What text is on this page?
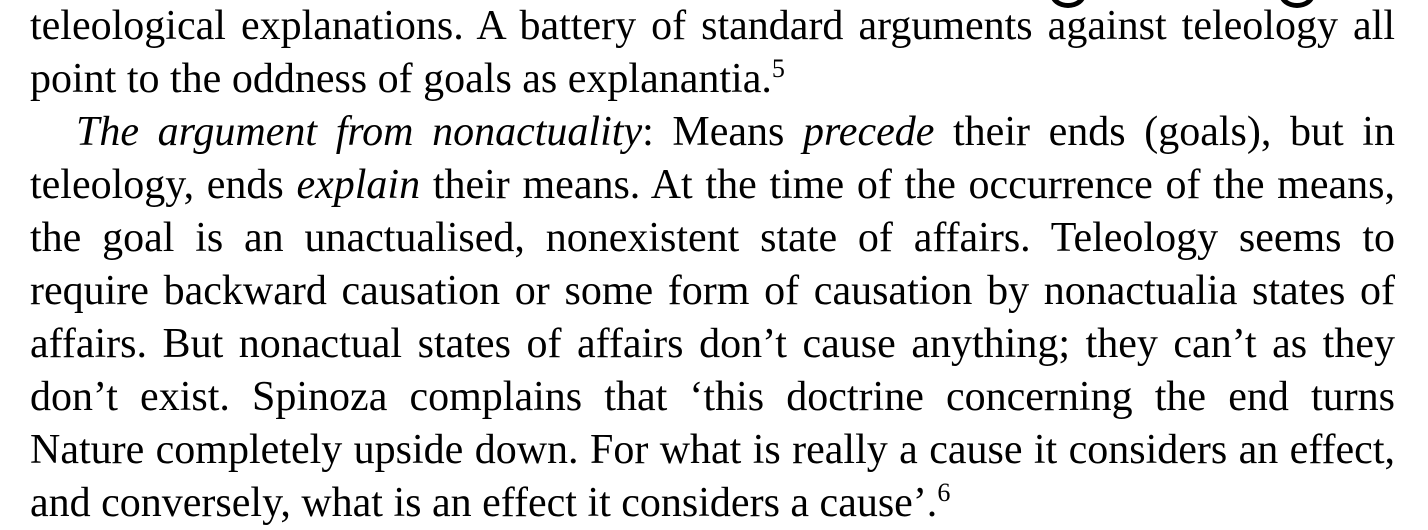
teleological explanations. A battery of standard arguments against teleology all point to the oddness of goals as explanantia.$^5$

The argument from nonactuality: Means precede their ends (goals), but in teleology, ends explain their means. At the time of the occurrence of the means, the goal is an unactualised, nonexistent state of affairs. Teleology seems to require backward causation or some form of causation by nonactualia states of affairs. But nonactual states of affairs don’t cause anything; they can’t as they don’t exist. Spinoza complains that ‘this doctrine concerning the end turns Nature completely upside down. For what is really a cause it considers an effect, and conversely, what is an effect it considers a cause’.$^6$
